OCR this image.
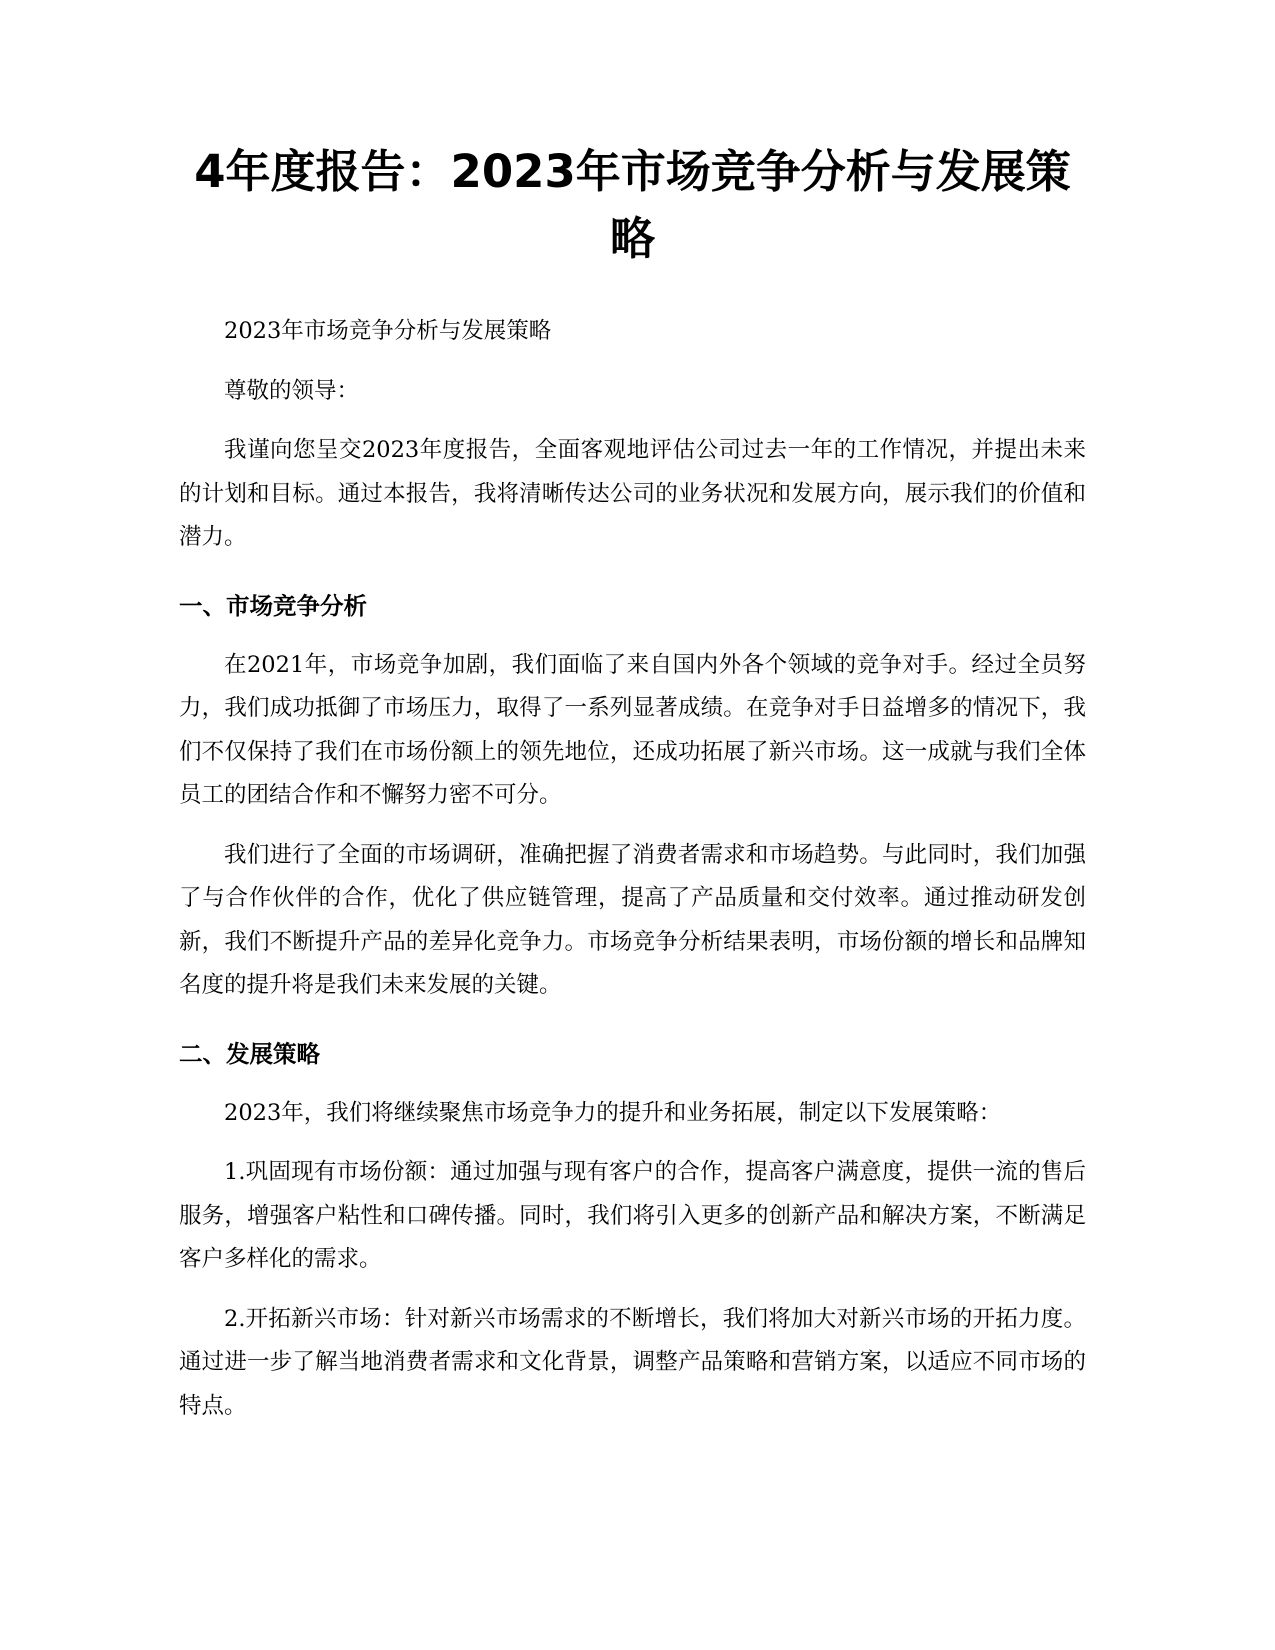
4年度报告：2023年市场竞争分析与发展策略

2023年市场竞争分析与发展策略

尊敬的领导：

我谨向您呈交2023年度报告，全面客观地评估公司过去一年的工作情况，并提出未来的计划和目标。通过本报告，我将清晰传达公司的业务状况和发展方向，展示我们的价值和潜力。

一、市场竞争分析

在2021年，市场竞争加剧，我们面临了来自国内外各个领域的竞争对手。经过全员努力，我们成功抵御了市场压力，取得了一系列显著成绩。在竞争对手日益增多的情况下，我们不仅保持了我们在市场份额上的领先地位，还成功拓展了新兴市场。这一成就与我们全体员工的团结合作和不懈努力密不可分。

我们进行了全面的市场调研，准确把握了消费者需求和市场趋势。与此同时，我们加强了与合作伙伴的合作，优化了供应链管理，提高了产品质量和交付效率。通过推动研发创新，我们不断提升产品的差异化竞争力。市场竞争分析结果表明，市场份额的增长和品牌知名度的提升将是我们未来发展的关键。

二、发展策略

2023年，我们将继续聚焦市场竞争力的提升和业务拓展，制定以下发展策略：

1.巩固现有市场份额：通过加强与现有客户的合作，提高客户满意度，提供一流的售后服务，增强客户粘性和口碑传播。同时，我们将引入更多的创新产品和解决方案，不断满足客户多样化的需求。

2.开拓新兴市场：针对新兴市场需求的不断增长，我们将加大对新兴市场的开拓力度。通过进一步了解当地消费者需求和文化背景，调整产品策略和营销方案，以适应不同市场的特点。
